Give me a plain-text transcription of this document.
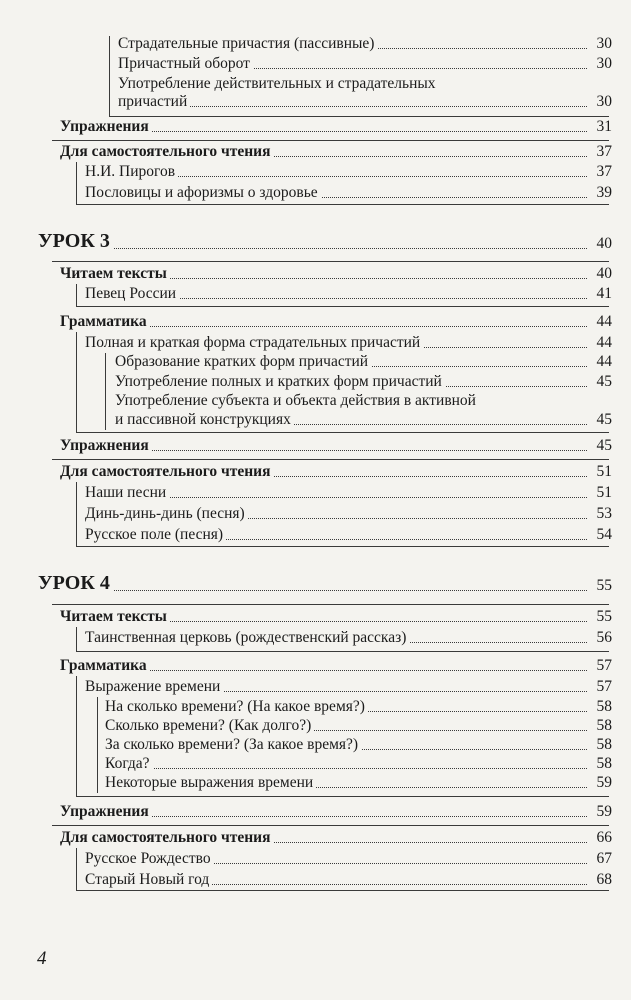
Страдательные причастия (пассивные)	30
Причастный оборот	30
Употребление действительных и страдательных
причастий	30
Упражнения	31
Для самостоятельного чтения	37
Н.И. Пирогов	37
Пословицы и афоризмы о здоровье	39
УРОК 3	40
Читаем тексты	40
Певец России	41
Грамматика	44
Полная и краткая форма страдательных причастий	44
Образование кратких форм причастий	44
Употребление полных и кратких форм причастий	45
Употребление субъекта и объекта действия в активной
и пассивной конструкциях	45
Упражнения	45
Для самостоятельного чтения	51
Наши песни	51
Динь-динь-динь (песня)	53
Русское поле (песня)	54
УРОК 4	55
Читаем тексты	55
Таинственная церковь (рождественский рассказ)	56
Грамматика	57
Выражение времени	57
На сколько времени? (На какое время?)	58
Сколько времени? (Как долго?)	58
За сколько времени? (За какое время?)	58
Когда?	58
Некоторые выражения времени	59
Упражнения	59
Для самостоятельного чтения	66
Русское Рождество	67
Старый Новый год	68
4
